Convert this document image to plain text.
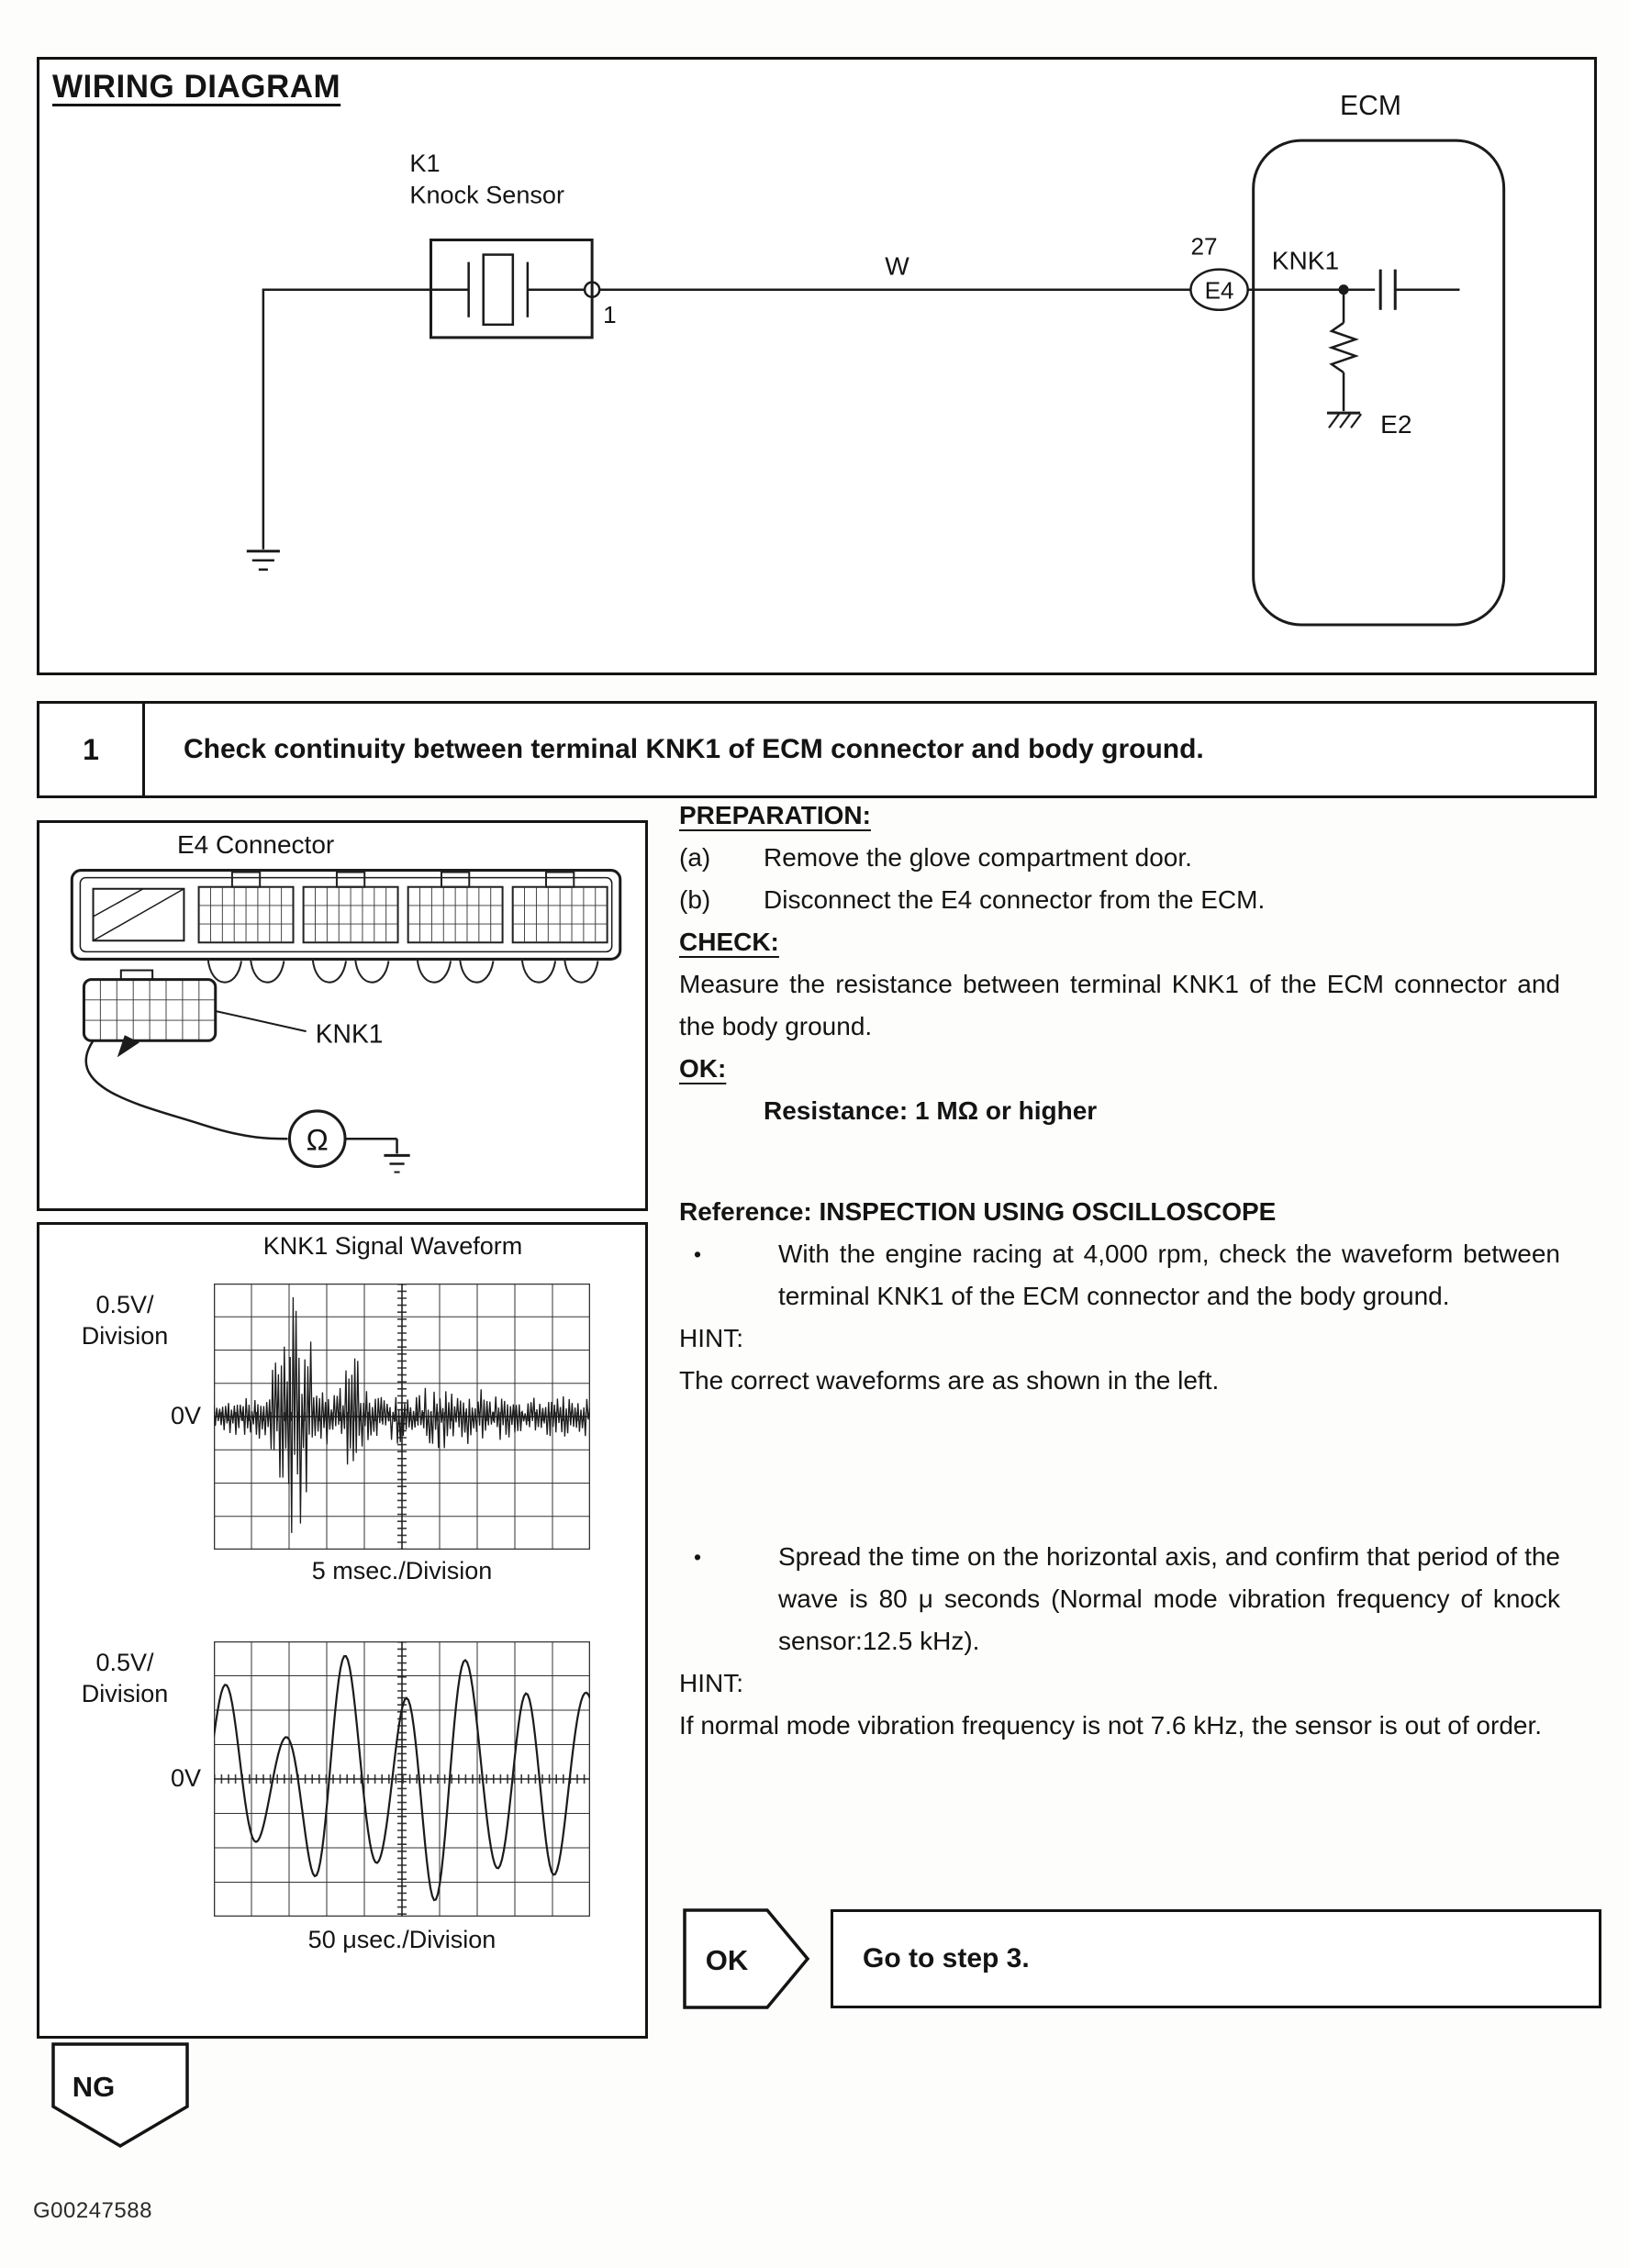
WIRING DIAGRAM
ECM
K1
Knock Sensor
1
W
27
E4
KNK1
E2
1	Check continuity between terminal KNK1 of ECM connector and body ground.
E4 Connector
KNK1
Ω
KNK1 Signal Waveform
0.5V/
Division
0V
5 msec./Division
0.5V/
Division
0V
50 μsec./Division
PREPARATION:
(a)	Remove the glove compartment door.
(b)	Disconnect the E4 connector from the ECM.
CHECK:

Measure the resistance between terminal KNK1 of the ECM connector and the body ground.

OK:
Resistance: 1 MΩ or higher
Reference: INSPECTION USING OSCILLOSCOPE
•	With the engine racing at 4,000 rpm, check the waveform between terminal KNK1 of the ECM connector and the body ground.

HINT:

The correct waveforms are as shown in the left.

•	Spread the time on the horizontal axis, and confirm that period of the wave is 80 μ seconds (Normal mode vibration frequency of knock sensor:12.5 kHz).

HINT:

If normal mode vibration frequency is not 7.6 kHz, the sensor is out of order.

OK	Go to step 3.
NG
G00247588
